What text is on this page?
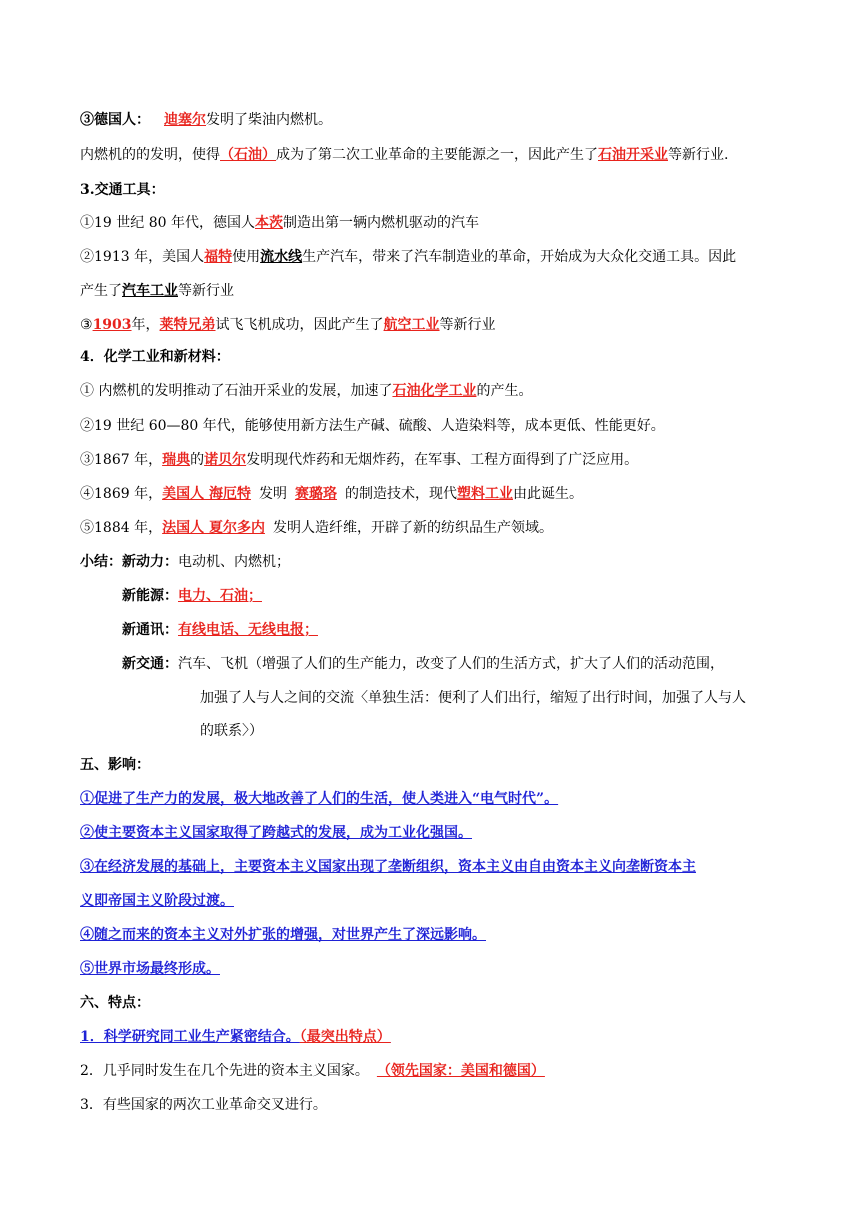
③德国人： 迪塞尔发明了柴油内燃机。
内燃机的的发明，使得（石油）成为了第二次工业革命的主要能源之一，因此产生了石油开采业等新行业.
3.交通工具：
①19 世纪 80 年代，德国人本茨制造出第一辆内燃机驱动的汽车
②1913 年，美国人福特使用流水线生产汽车，带来了汽车制造业的革命，开始成为大众化交通工具。因此
产生了汽车工业等新行业
③1903年，莱特兄弟试飞飞机成功，因此产生了航空工业等新行业
4．化学工业和新材料：
① 内燃机的发明推动了石油开采业的发展，加速了石油化学工业的产生。
②19 世纪 60—80 年代，能够使用新方法生产碱、硫酸、人造染料等，成本更低、性能更好。
③1867 年，瑞典的诺贝尔发明现代炸药和无烟炸药，在军事、工程方面得到了广泛应用。
④1869 年，美国人 海厄特 发明 赛璐珞 的制造技术，现代塑料工业由此诞生。
⑤1884 年，法国人 夏尔多内 发明人造纤维，开辟了新的纺织品生产领域。
小结：新动力：电动机、内燃机；
新能源：电力、石油；
新通讯：有线电话、无线电报；
新交通：汽车、飞机（增强了人们的生产能力，改变了人们的生活方式，扩大了人们的活动范围，
加强了人与人之间的交流〈单独生活：便利了人们出行，缩短了出行时间，加强了人与人
的联系〉）
五、影响：
①促进了生产力的发展，极大地改善了人们的生活，使人类进入“电气时代”。
②使主要资本主义国家取得了跨越式的发展，成为工业化强国。
③在经济发展的基础上，主要资本主义国家出现了垄断组织，资本主义由自由资本主义向垄断资本主
义即帝国主义阶段过渡。
④随之而来的资本主义对外扩张的增强，对世界产生了深远影响。
⑤世界市场最终形成。
六、特点：
1．科学研究同工业生产紧密结合。（最突出特点）
2．几乎同时发生在几个先进的资本主义国家。 （领先国家：美国和德国）
3．有些国家的两次工业革命交叉进行。
